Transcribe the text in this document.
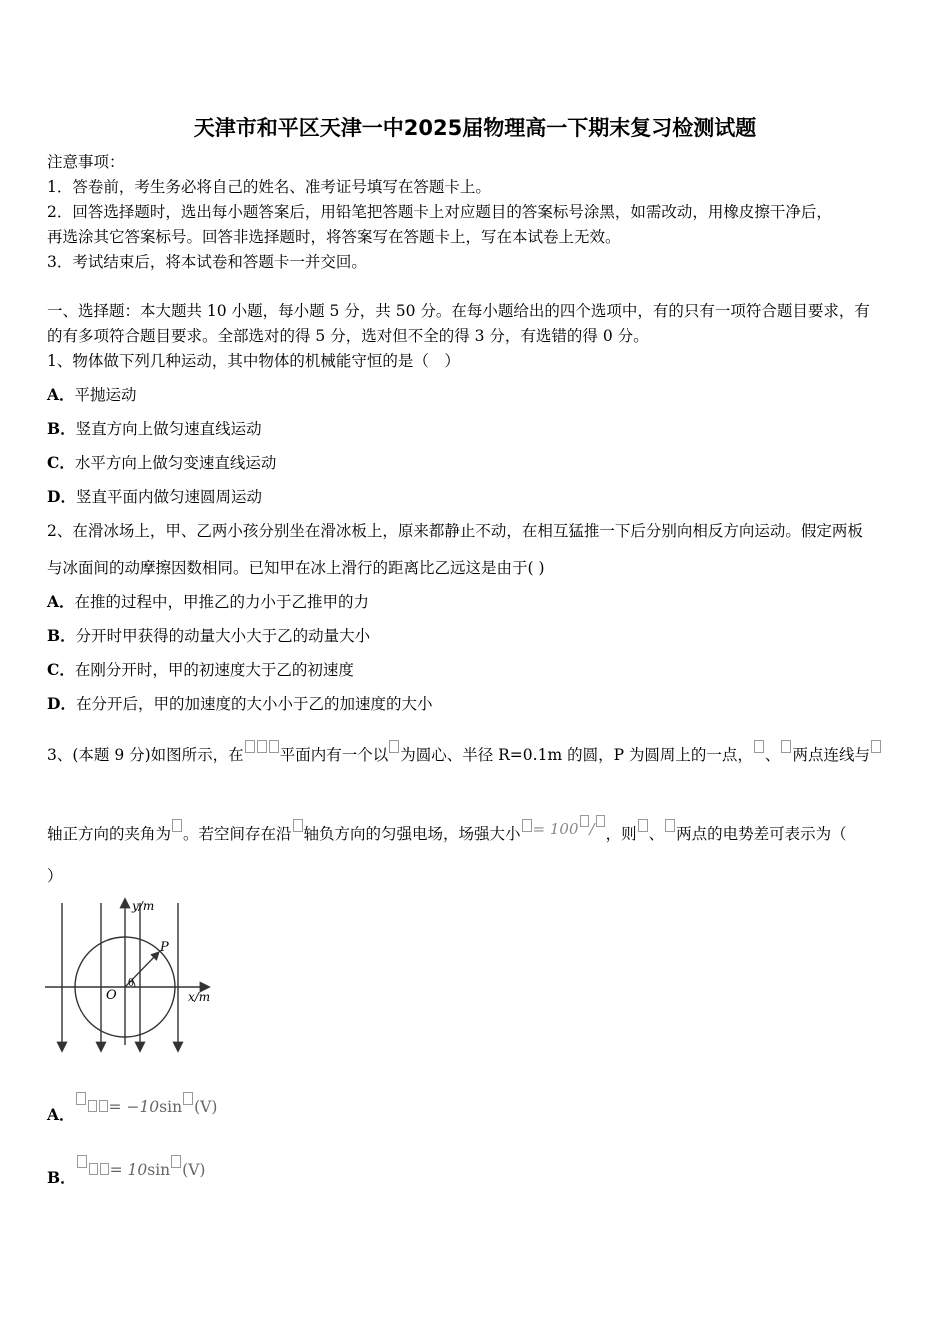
天津市和平区天津一中2025届物理高一下期末复习检测试题
注意事项：
1．答卷前，考生务必将自己的姓名、准考证号填写在答题卡上。
2．回答选择题时，选出每小题答案后，用铅笔把答题卡上对应题目的答案标号涂黑，如需改动，用橡皮擦干净后，
再选涂其它答案标号。回答非选择题时，将答案写在答题卡上，写在本试卷上无效。
3．考试结束后，将本试卷和答题卡一并交回。
一、选择题：本大题共 10 小题，每小题 5 分，共 50 分。在每小题给出的四个选项中，有的只有一项符合题目要求，有
的有多项符合题目要求。全部选对的得 5 分，选对但不全的得 3 分，有选错的得 0 分。
1、物体做下列几种运动，其中物体的机械能守恒的是（　）
A．平抛运动
B．竖直方向上做匀速直线运动
C．水平方向上做匀变速直线运动
D．竖直平面内做匀速圆周运动
2、在滑冰场上，甲、乙两小孩分别坐在滑冰板上，原来都静止不动，在相互猛推一下后分别向相反方向运动。假定两板
与冰面间的动摩擦因数相同。已知甲在冰上滑行的距离比乙远这是由于( )
A．在推的过程中，甲推乙的力小于乙推甲的力
B．分开时甲获得的动量大小大于乙的动量大小
C．在刚分开时，甲的初速度大于乙的初速度
D．在分开后，甲的加速度的大小小于乙的加速度的大小
3、(本题 9 分)如图所示，在 平面内有一个以 为圆心、半径 R=0.1m 的圆，P 为圆周上的一点， 、 两点连线与
轴正方向的夹角为 。若空间存在沿 轴负方向的匀强电场，场强大小 = 100 / ，则 、 两点的电势差可表示为（
）
y/m
x/m
O
P
θ
A． = −10sin (V)
B． = 10sin (V)
